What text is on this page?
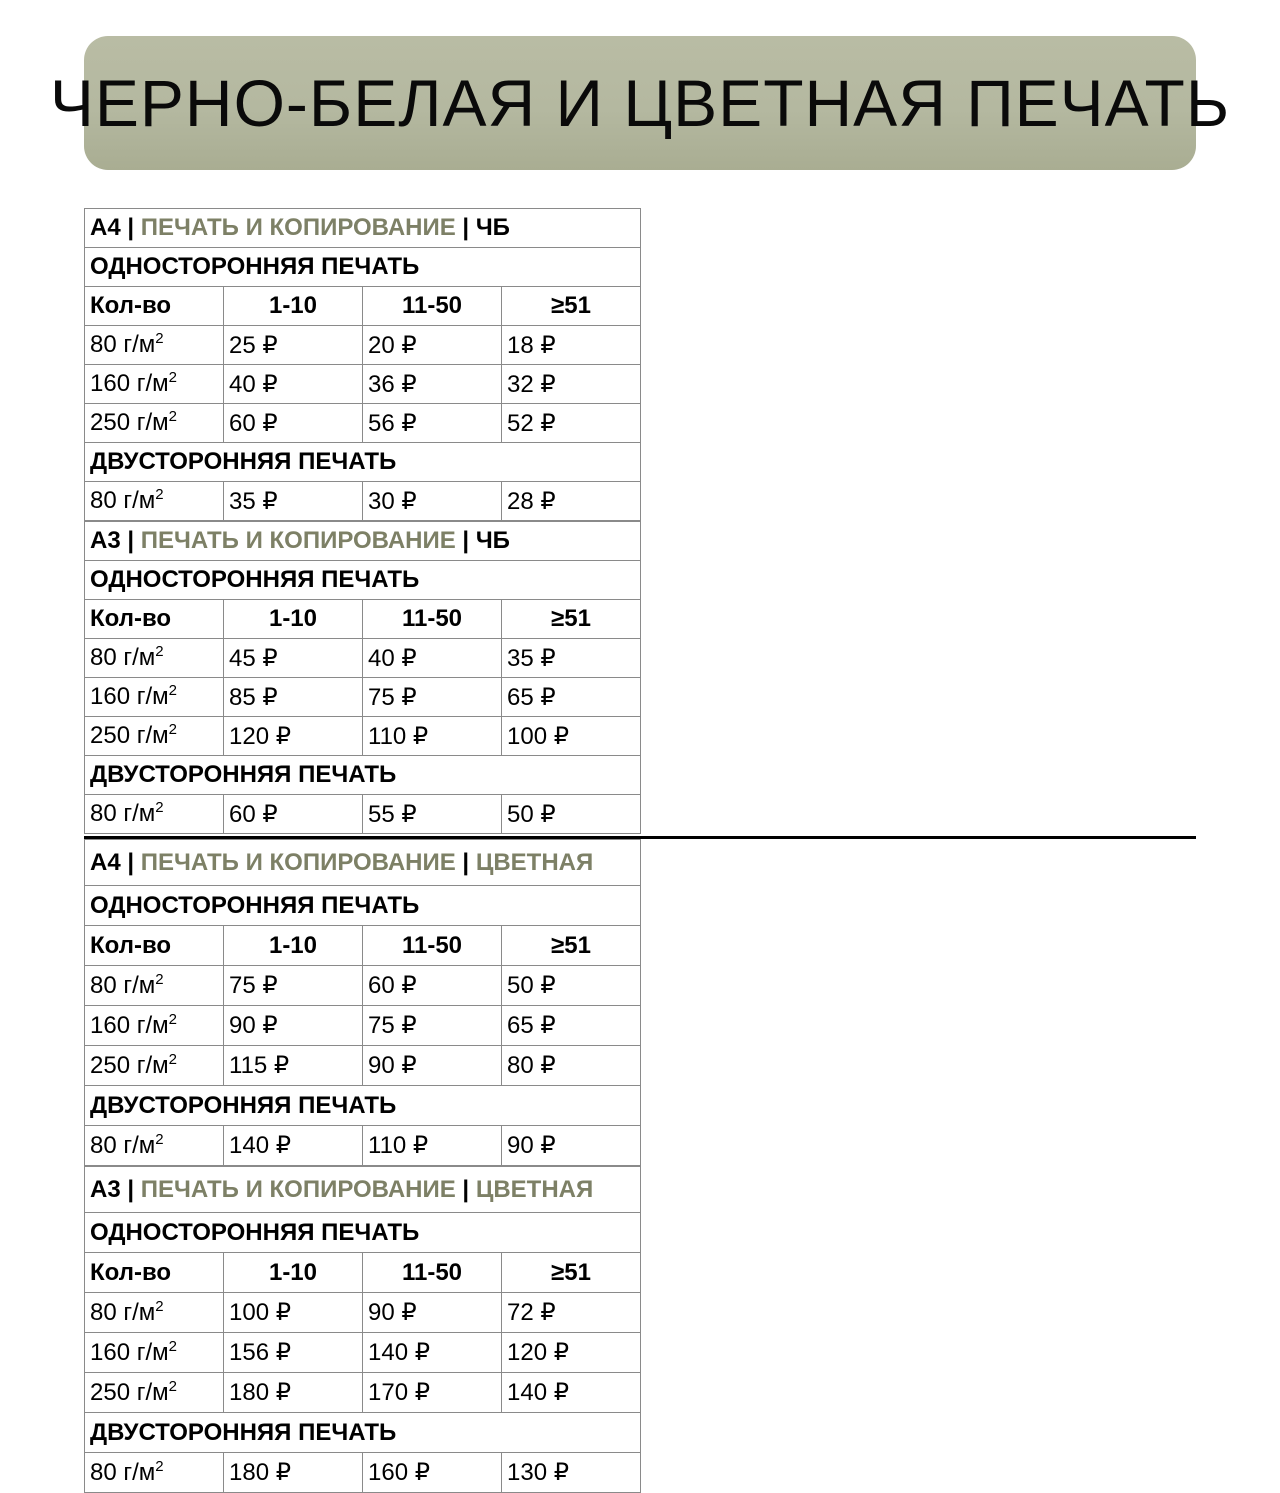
ЧЕРНО-БЕЛАЯ И ЦВЕТНАЯ ПЕЧАТЬ
А4 | ПЕЧАТЬ И КОПИРОВАНИЕ | ЧБ			
ОДНОСТОРОННЯЯ ПЕЧАТЬ			
Кол-во	1-10	11-50	≥51
80 $г/м^2$	25 ₽	20 ₽	18 ₽
160 $г/м^2$	40 ₽	36 ₽	32 ₽
250 $г/м^2$	60 ₽	56 ₽	52 ₽
ДВУСТОРОННЯЯ ПЕЧАТЬ			
80 $г/м^2$	35 ₽	30 ₽	28 ₽
А3 | ПЕЧАТЬ И КОПИРОВАНИЕ | ЧБ			
ОДНОСТОРОННЯЯ ПЕЧАТЬ			
Кол-во	1-10	11-50	≥51
80 $г/м^2$	45 ₽	40 ₽	35 ₽
160 $г/м^2$	85 ₽	75 ₽	65 ₽
250 $г/м^2$	120 ₽	110 ₽	100 ₽
ДВУСТОРОННЯЯ ПЕЧАТЬ			
80 $г/м^2$	60 ₽	55 ₽	50 ₽
А4 | ПЕЧАТЬ И КОПИРОВАНИЕ | ЦВЕТНАЯ			
ОДНОСТОРОННЯЯ ПЕЧАТЬ			
Кол-во	1-10	11-50	≥51
80 $г/м^2$	75 ₽	60 ₽	50 ₽
160 $г/м^2$	90 ₽	75 ₽	65 ₽
250 $г/м^2$	115 ₽	90 ₽	80 ₽
ДВУСТОРОННЯЯ ПЕЧАТЬ			
80 $г/м^2$	140 ₽	110 ₽	90 ₽
А3 | ПЕЧАТЬ И КОПИРОВАНИЕ | ЦВЕТНАЯ			
ОДНОСТОРОННЯЯ ПЕЧАТЬ			
Кол-во	1-10	11-50	≥51
80 $г/м^2$	100 ₽	90 ₽	72 ₽
160 $г/м^2$	156 ₽	140 ₽	120 ₽
250 $г/м^2$	180 ₽	170 ₽	140 ₽
ДВУСТОРОННЯЯ ПЕЧАТЬ			
80 $г/м^2$	180 ₽	160 ₽	130 ₽
